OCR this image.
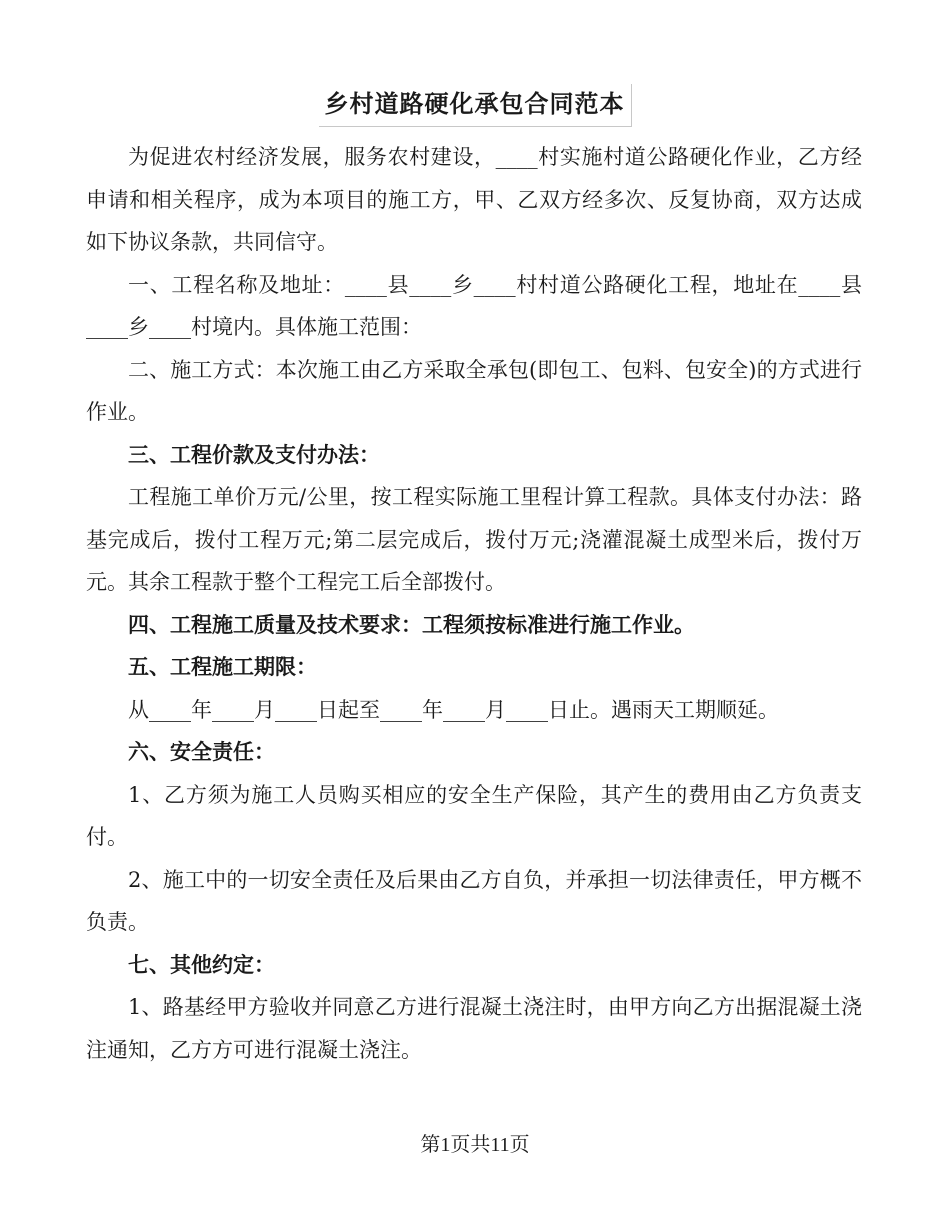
乡村道路硬化承包合同范本

为促进农村经济发展，服务农村建设，____村实施村道公路硬化作业，乙方经申请和相关程序，成为本项目的施工方，甲、乙双方经多次、反复协商，双方达成如下协议条款，共同信守。

一、工程名称及地址：____县____乡____村村道公路硬化工程，地址在____县____乡____村境内。具体施工范围：

二、施工方式：本次施工由乙方采取全承包(即包工、包料、包安全)的方式进行作业。

三、工程价款及支付办法：

工程施工单价万元/公里，按工程实际施工里程计算工程款。具体支付办法：路基完成后，拨付工程万元;第二层完成后，拨付万元;浇灌混凝土成型米后，拨付万元。其余工程款于整个工程完工后全部拨付。

四、工程施工质量及技术要求：工程须按标准进行施工作业。

五、工程施工期限：

从____年____月____日起至____年____月____日止。遇雨天工期顺延。

六、安全责任：

1、乙方须为施工人员购买相应的安全生产保险，其产生的费用由乙方负责支付。

2、施工中的一切安全责任及后果由乙方自负，并承担一切法律责任，甲方概不负责。

七、其他约定：

1、路基经甲方验收并同意乙方进行混凝土浇注时，由甲方向乙方出据混凝土浇注通知，乙方方可进行混凝土浇注。

第1页共11页
